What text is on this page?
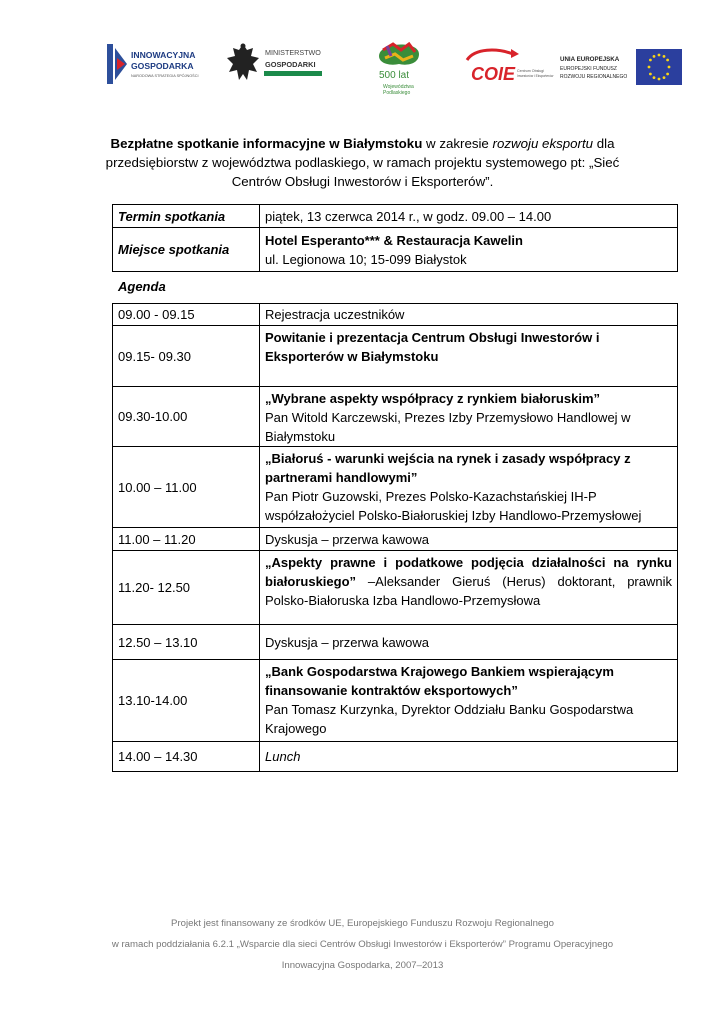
INNOWACYJNA
GOSPODARKA
NARODOWA STRATEGIA SPÓJNOŚCI
MINISTERSTWO
GOSPODARKI
500 lat
Województwa
Podlaskiego
COIE Centrum Obsługi
Inwestorów i Eksporterów
UNIA EUROPEJSKA
EUROPEJSKI FUNDUSZ
ROZWOJU REGIONALNEGO
Bezpłatne spotkanie informacyjne w Białymstoku w zakresie rozwoju eksportu dla przedsiębiorstw z województwa podlaskiego, w ramach projektu systemowego pt: „Sieć Centrów Obsługi Inwestorów i Eksporterów”.
Termin spotkania	piątek, 13 czerwca 2014 r., w godz. 09.00 – 14.00
Miejsce spotkania	Hotel Esperanto*** & Restauracja Kawelin
ul. Legionowa 10; 15-099 Białystok
Agenda
09.00 - 09.15	Rejestracja uczestników
09.15- 09.30	Powitanie i prezentacja Centrum Obsługi Inwestorów i Eksporterów w Białymstoku
09.30-10.00	„Wybrane aspekty współpracy z rynkiem białoruskim”
Pan Witold Karczewski, Prezes Izby Przemysłowo Handlowej w Białymstoku
10.00 – 11.00	„Białoruś - warunki wejścia na rynek i zasady współpracy z partnerami handlowymi”
Pan Piotr Guzowski, Prezes Polsko-Kazachstańskiej IH-P
współzałożyciel Polsko-Białoruskiej Izby Handlowo-Przemysłowej

11.00 – 11.20	Dyskusja – przerwa kawowa
11.20- 12.50	„Aspekty prawne i podatkowe podjęcia działalności na rynku białoruskiego” –Aleksander Gieruś (Herus) doktorant, prawnik Polsko-Białoruska Izba Handlowo-Przemysłowa
12.50 – 13.10	Dyskusja – przerwa kawowa
13.10-14.00	„Bank Gospodarstwa Krajowego Bankiem wspierającym finansowanie kontraktów eksportowych”
Pan Tomasz Kurzynka, Dyrektor Oddziału Banku Gospodarstwa Krajowego

14.00 – 14.30	Lunch
Projekt jest finansowany ze środków UE, Europejskiego Funduszu Rozwoju Regionalnego
w ramach poddziałania 6.2.1 „Wsparcie dla sieci Centrów Obsługi Inwestorów i Eksporterów” Programu Operacyjnego
Innowacyjna Gospodarka, 2007–2013
